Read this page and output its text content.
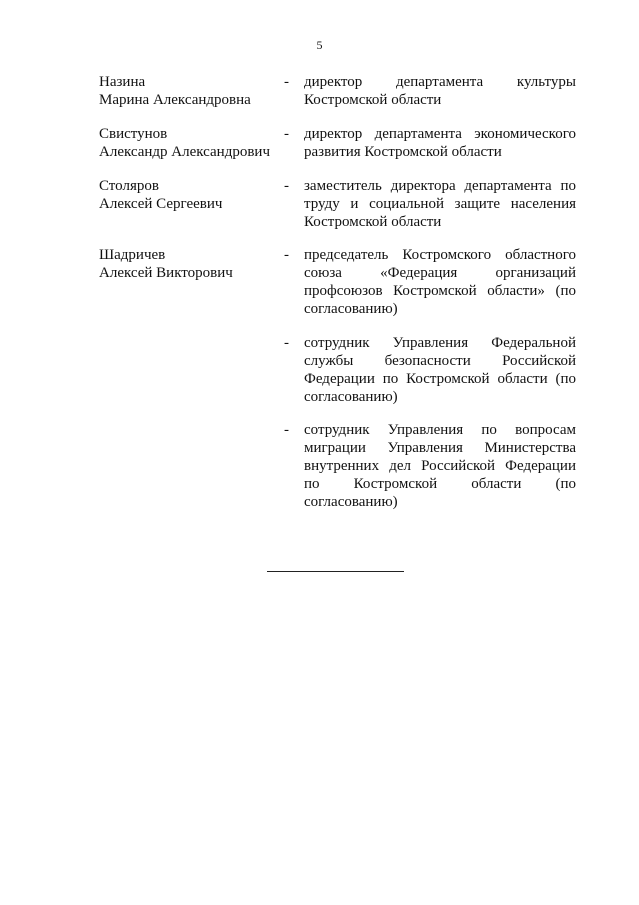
5
Назина
Марина Александровна
-	директор департамента культуры
Костромской области
Свистунов
Александр Александрович
-	директор департамента экономического
развития Костромской области
Столяров
Алексей Сергеевич
-	заместитель директора департамента по
труду и социальной защите населения
Костромской области
Шадричев
Алексей Викторович
-	председатель Костромского областного
союза «Федерация организаций
профсоюзов Костромской области» (по
согласованию)
-	сотрудник Управления Федеральной
службы безопасности Российской
Федерации по Костромской области (по
согласованию)
-	сотрудник Управления по вопросам
миграции Управления Министерства
внутренних дел Российской Федерации
по Костромской области (по
согласованию)
